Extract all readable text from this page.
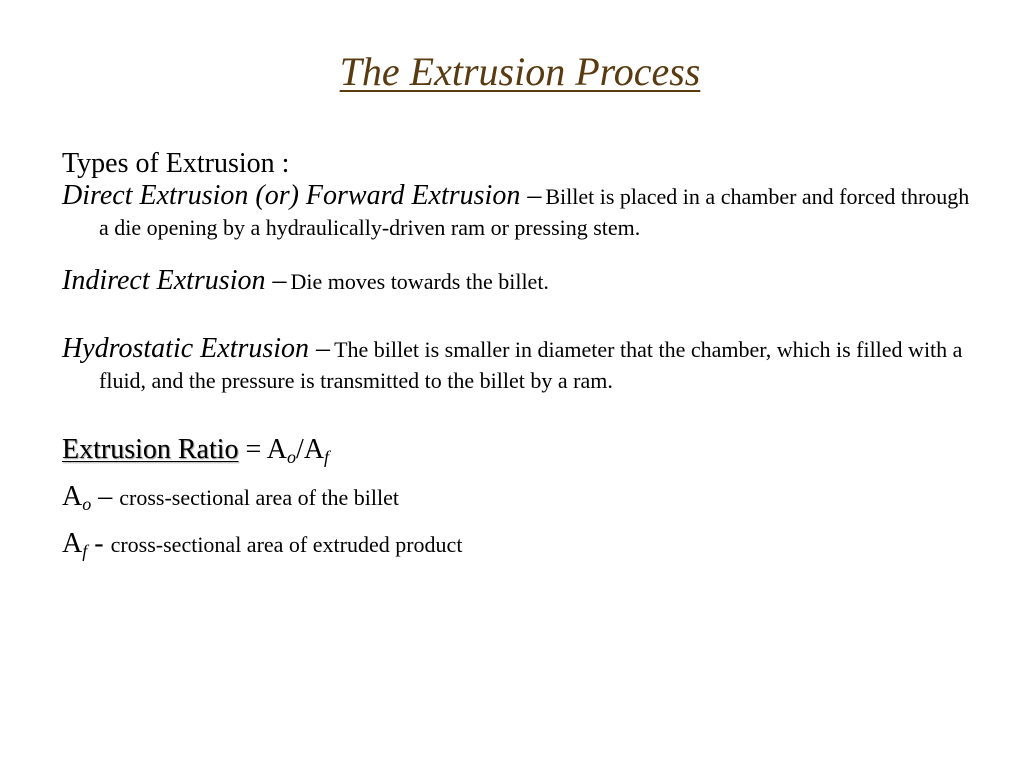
The Extrusion Process

Types of Extrusion :

Direct Extrusion (or) Forward Extrusion – Billet is placed in a chamber and forced through a die opening by a hydraulically-driven ram or pressing stem.

Indirect Extrusion – Die moves towards the billet.

Hydrostatic Extrusion – The billet is smaller in diameter that the chamber, which is filled with a fluid, and the pressure is transmitted to the billet by a ram.

Extrusion Ratio = $A_o/A_f$

$A_o$ – cross-sectional area of the billet

$A_f$ - cross-sectional area of extruded product
